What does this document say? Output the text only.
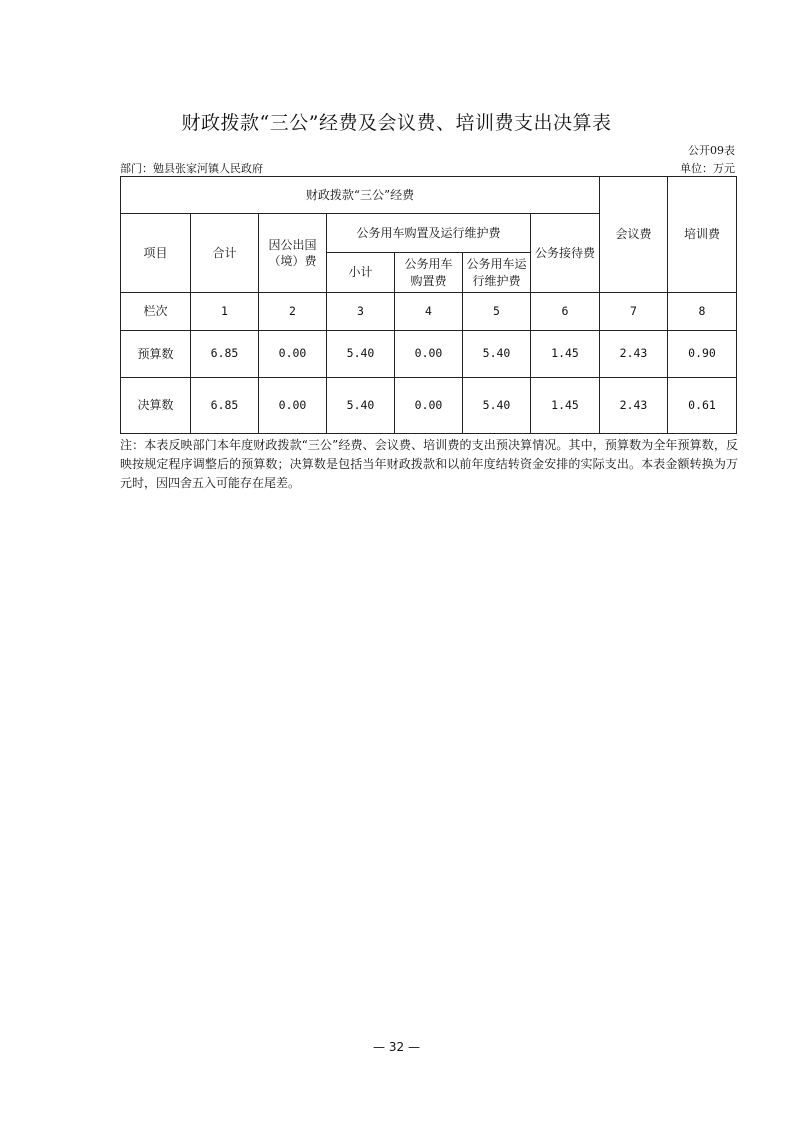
财政拨款“三公”经费及会议费、培训费支出决算表
公开09表
部门：勉县张家河镇人民政府	单位：万元
财政拨款“三公”经费							会议费	培训费
项目	合计	因公出国（境）费	公务用车购置及运行维护费			公务接待费		
			小计	公务用车购置费	公务用车运行维护费			

栏次	1	2	3	4	5	6	7	8
预算数	6.85	0.00	5.40	0.00	5.40	1.45	2.43	0.90
决算数	6.85	0.00	5.40	0.00	5.40	1.45	2.43	0.61
注：本表反映部门本年度财政拨款“三公”经费、会议费、培训费的支出预决算情况。其中，预算数为全年预算数，反映按规定程序调整后的预算数；决算数是包括当年财政拨款和以前年度结转资金安排的实际支出。本表金额转换为万元时，因四舍五入可能存在尾差。
— 32 —
